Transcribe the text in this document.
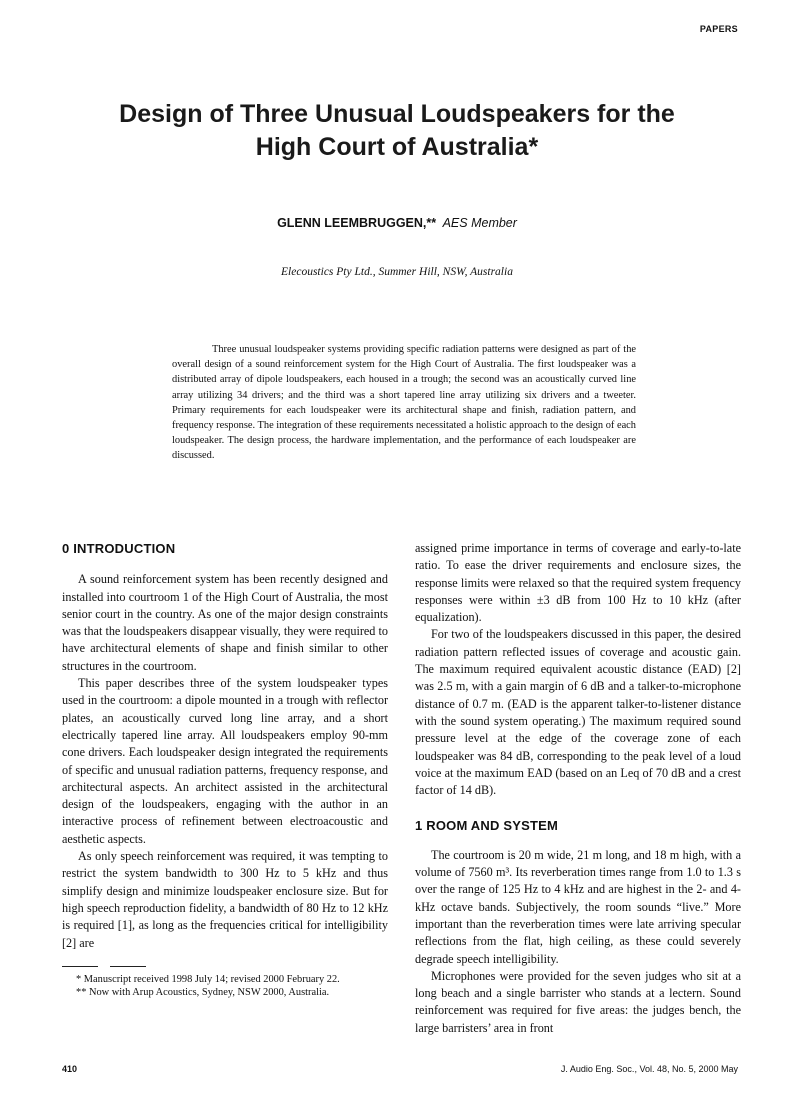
PAPERS
Design of Three Unusual Loudspeakers for the
High Court of Australia*
GLENN LEEMBRUGGEN,** AES Member
Elecoustics Pty Ltd., Summer Hill, NSW, Australia

Three unusual loudspeaker systems providing specific radiation patterns were designed as part of the overall design of a sound reinforcement system for the High Court of Australia. The first loudspeaker was a distributed array of dipole loudspeakers, each housed in a trough; the second was an acoustically curved line array utilizing 34 drivers; and the third was a short tapered line array utilizing six drivers and a tweeter. Primary requirements for each loudspeaker were its architectural shape and finish, radiation pattern, and frequency response. The integration of these requirements necessitated a holistic approach to the design of each loudspeaker. The design process, the hardware implementation, and the performance of each loudspeaker are discussed.

0 INTRODUCTION

A sound reinforcement system has been recently designed and installed into courtroom 1 of the High Court of Australia, the most senior court in the country. As one of the major design constraints was that the loudspeakers disappear visually, they were required to have architectural elements of shape and finish similar to other structures in the courtroom.

This paper describes three of the system loudspeaker types used in the courtroom: a dipole mounted in a trough with reflector plates, an acoustically curved long line array, and a short electrically tapered line array. All loudspeakers employ 90-mm cone drivers. Each loudspeaker design integrated the requirements of specific and unusual radiation patterns, frequency response, and architectural aspects. An architect assisted in the architectural design of the loudspeakers, engaging with the author in an interactive process of refinement between electroacoustic and aesthetic aspects.

As only speech reinforcement was required, it was tempting to restrict the system bandwidth to 300 Hz to 5 kHz and thus simplify design and minimize loudspeaker enclosure size. But for high speech reproduction fidelity, a bandwidth of 80 Hz to 12 kHz is required [1], as long as the frequencies critical for intelligibility [2] are

* Manuscript received 1998 July 14; revised 2000 February 22.

** Now with Arup Acoustics, Sydney, NSW 2000, Australia.

assigned prime importance in terms of coverage and early-to-late ratio. To ease the driver requirements and enclosure sizes, the response limits were relaxed so that the required system frequency responses were within ±3 dB from 100 Hz to 10 kHz (after equalization).

For two of the loudspeakers discussed in this paper, the desired radiation pattern reflected issues of coverage and acoustic gain. The maximum required equivalent acoustic distance (EAD) [2] was 2.5 m, with a gain margin of 6 dB and a talker-to-microphone distance of 0.7 m. (EAD is the apparent talker-to-listener distance with the sound system operating.) The maximum required sound pressure level at the edge of the coverage zone of each loudspeaker was 84 dB, corresponding to the peak level of a loud voice at the maximum EAD (based on an Leq of 70 dB and a crest factor of 14 dB).

1 ROOM AND SYSTEM

The courtroom is 20 m wide, 21 m long, and 18 m high, with a volume of 7560 m³. Its reverberation times range from 1.0 to 1.3 s over the range of 125 Hz to 4 kHz and are highest in the 2- and 4-kHz octave bands. Subjectively, the room sounds “live.” More important than the reverberation times were late arriving specular reflections from the flat, high ceiling, as these could severely degrade speech intelligibility.

Microphones were provided for the seven judges who sit at a long beach and a single barrister who stands at a lectern. Sound reinforcement was required for five areas: the judges bench, the large barristers’ area in front

410	J. Audio Eng. Soc., Vol. 48, No. 5, 2000 May
